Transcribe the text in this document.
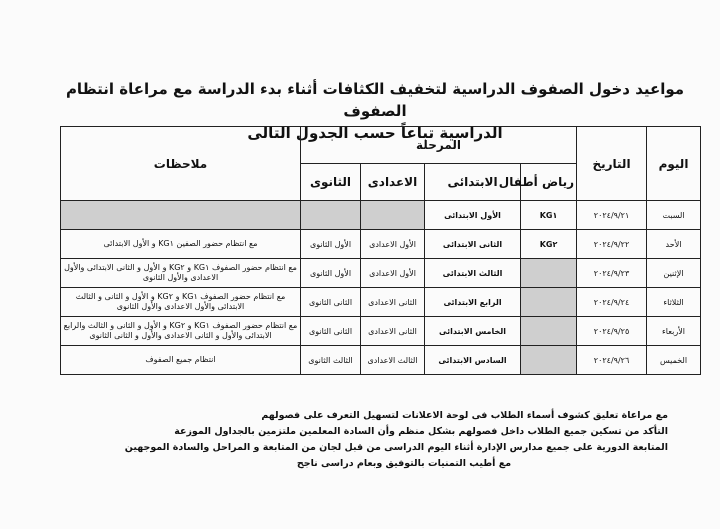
مواعيد دخول الصفوف الدراسية لتخفيف الكثافات أثناء بدء الدراسة مع مراعاة انتظام الصفوف
الدراسية تباعاً حسب الجدول التالى
اليوم	التاريخ	المرحلة				ملاحظات
		رياض أطفال	الابتدائى	الاعدادى	الثانوى	
السبت	٢٠٢٤/٩/٢١	KG١	الأول الابتدائى			
الأحد	٢٠٢٤/٩/٢٢	KG٢	الثانى الابتدائى	الأول الاعدادى	الأول الثانوى	مع انتظام حضور الصفين KG١ و الأول الابتدائى
الإثنين	٢٠٢٤/٩/٢٣		الثالث الابتدائى	الأول الاعدادى	الأول الثانوى	مع انتظام حضور الصفوف KG١ و KG٢ و الأول و الثانى الابتدائى والأول الاعدادى والأول الثانوى
الثلاثاء	٢٠٢٤/٩/٢٤		الرابع الابتدائى	الثانى الاعدادى	الثانى الثانوى	مع انتظام حضور الصفوف KG١ و KG٢ و الأول و الثانى و الثالث الابتدائى والأول الاعدادى والأول الثانوى
الأربعاء	٢٠٢٤/٩/٢٥		الخامس الابتدائى	الثانى الاعدادى	الثانى الثانوى	مع انتظام حضور الصفوف KG١ و KG٢ و الأول و الثانى و الثالث والرابع الابتدائى والأول و الثانى الاعدادى والأول و الثانى الثانوى
الخميس	٢٠٢٤/٩/٢٦		السادس الابتدائى	الثالث الاعدادى	الثالث الثانوى	انتظام جميع الصفوف
مع مراعاة تعليق كشوف أسماء الطلاب فى لوحة الاعلانات لتسهيل التعرف على فصولهم
التأكد من تسكين جميع الطلاب داخل فصولهم بشكل منظم وأن السادة المعلمين ملتزمين بالجداول الموزعة
المتابعة الدورية على جميع مدارس الإدارة أثناء اليوم الدراسى من قبل لجان من المتابعة و المراحل والسادة الموجهين
مع أطيب التمنيات بالتوفيق وبعام دراسى ناجح
